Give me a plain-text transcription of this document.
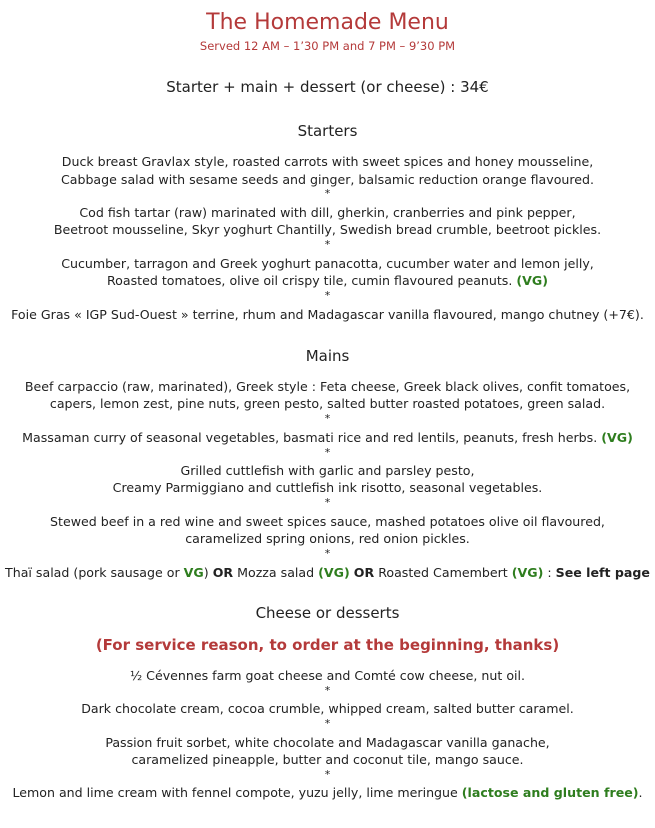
The Homemade Menu
Served 12 AM – 1’30 PM and 7 PM – 9’30 PM
Starter + main + dessert (or cheese) : 34€
Starters
Duck breast Gravlax style, roasted carrots with sweet spices and honey mousseline,
Cabbage salad with sesame seeds and ginger, balsamic reduction orange flavoured.
*
Cod fish tartar (raw) marinated with dill, gherkin, cranberries and pink pepper,
Beetroot mousseline, Skyr yoghurt Chantilly, Swedish bread crumble, beetroot pickles.
*
Cucumber, tarragon and Greek yoghurt panacotta, cucumber water and lemon jelly,
Roasted tomatoes, olive oil crispy tile, cumin flavoured peanuts. (VG)
*
Foie Gras « IGP Sud-Ouest » terrine, rhum and Madagascar vanilla flavoured, mango chutney (+7€).
Mains
Beef carpaccio (raw, marinated), Greek style : Feta cheese, Greek black olives, confit tomatoes,
capers, lemon zest, pine nuts, green pesto, salted butter roasted potatoes, green salad.
*
Massaman curry of seasonal vegetables, basmati rice and red lentils, peanuts, fresh herbs. (VG)
*
Grilled cuttlefish with garlic and parsley pesto,
Creamy Parmiggiano and cuttlefish ink risotto, seasonal vegetables.
*
Stewed beef in a red wine and sweet spices sauce, mashed potatoes olive oil flavoured,
caramelized spring onions, red onion pickles.
*
Thaï salad (pork sausage or VG) OR Mozza salad (VG) OR Roasted Camembert (VG) : See left page
Cheese or desserts
(For service reason, to order at the beginning, thanks)
½ Cévennes farm goat cheese and Comté cow cheese, nut oil.
*
Dark chocolate cream, cocoa crumble, whipped cream, salted butter caramel.
*
Passion fruit sorbet, white chocolate and Madagascar vanilla ganache,
caramelized pineapple, butter and coconut tile, mango sauce.
*
Lemon and lime cream with fennel compote, yuzu jelly, lime meringue (lactose and gluten free).
